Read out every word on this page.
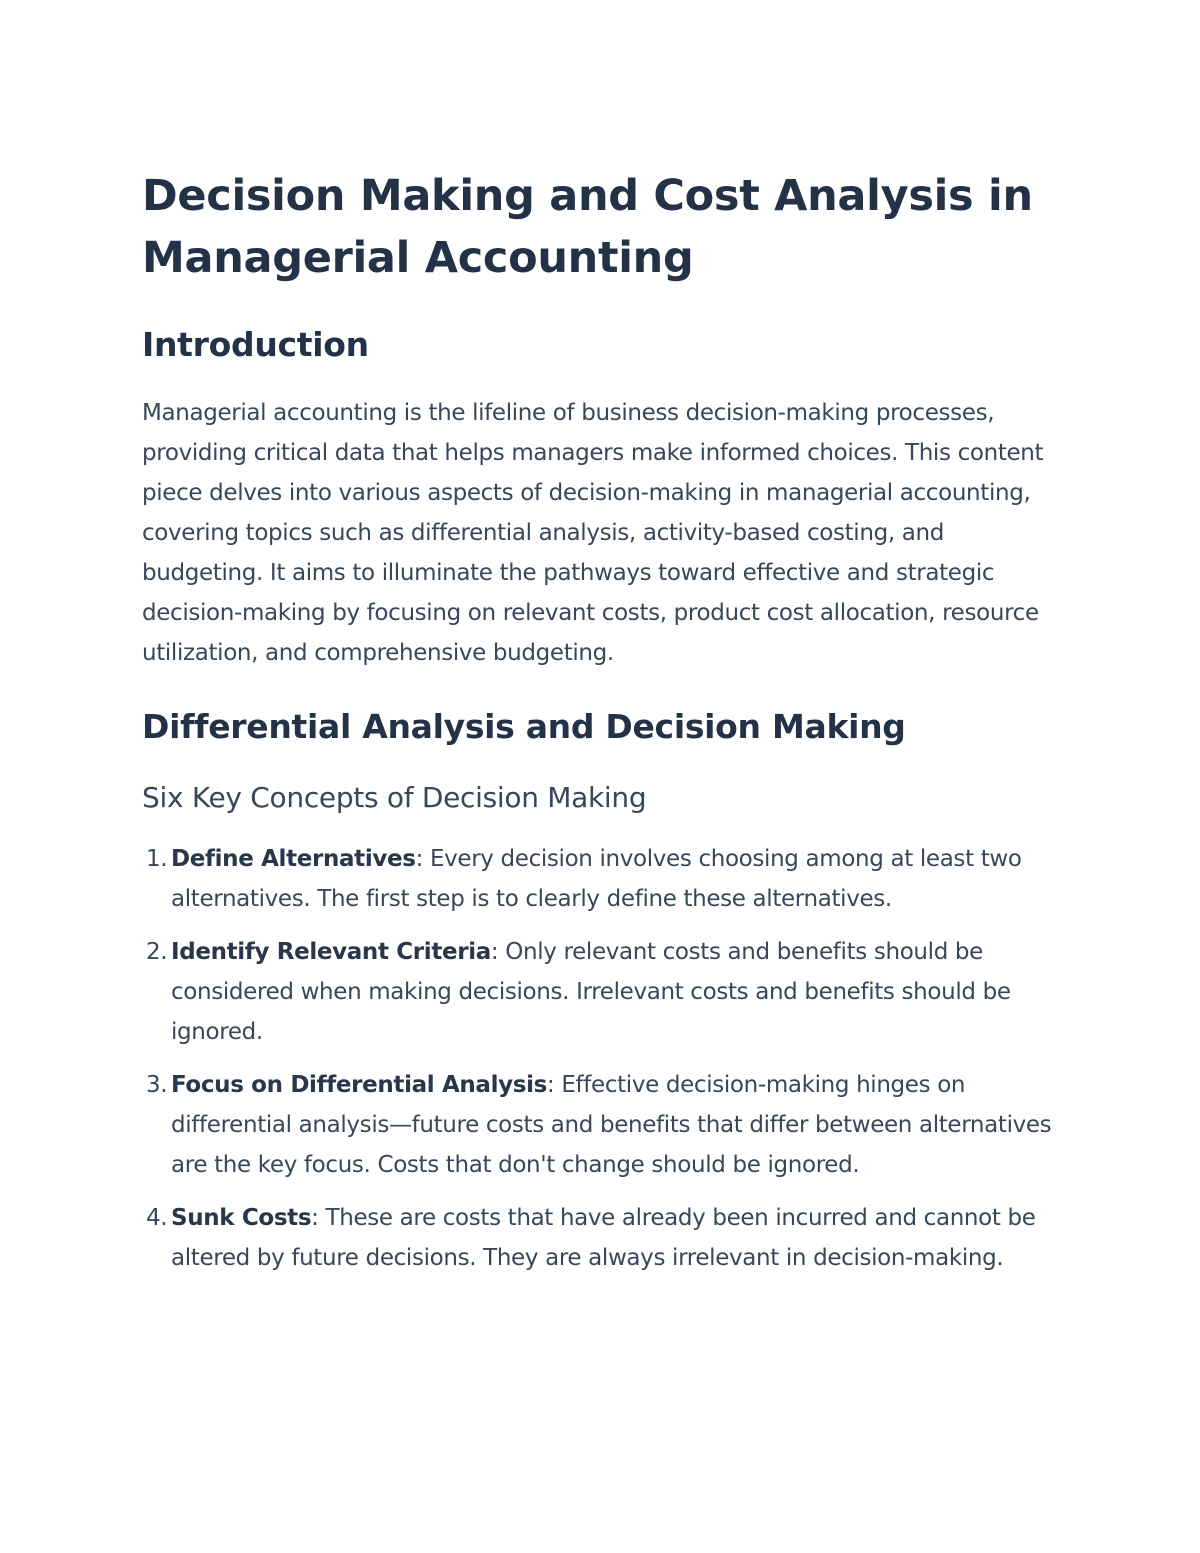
Decision Making and Cost Analysis in Managerial Accounting
Introduction

Managerial accounting is the lifeline of business decision-making processes, providing critical data that helps managers make informed choices. This content piece delves into various aspects of decision-making in managerial accounting, covering topics such as differential analysis, activity-based costing, and budgeting. It aims to illuminate the pathways toward effective and strategic decision-making by focusing on relevant costs, product cost allocation, resource utilization, and comprehensive budgeting.

Differential Analysis and Decision Making
Six Key Concepts of Decision Making
1. Define Alternatives: Every decision involves choosing among at least two alternatives. The first step is to clearly define these alternatives.
2. Identify Relevant Criteria: Only relevant costs and benefits should be considered when making decisions. Irrelevant costs and benefits should be ignored.
3. Focus on Differential Analysis: Effective decision-making hinges on differential analysis—future costs and benefits that differ between alternatives are the key focus. Costs that don't change should be ignored.
4. Sunk Costs: These are costs that have already been incurred and cannot be altered by future decisions. They are always irrelevant in decision-making.
